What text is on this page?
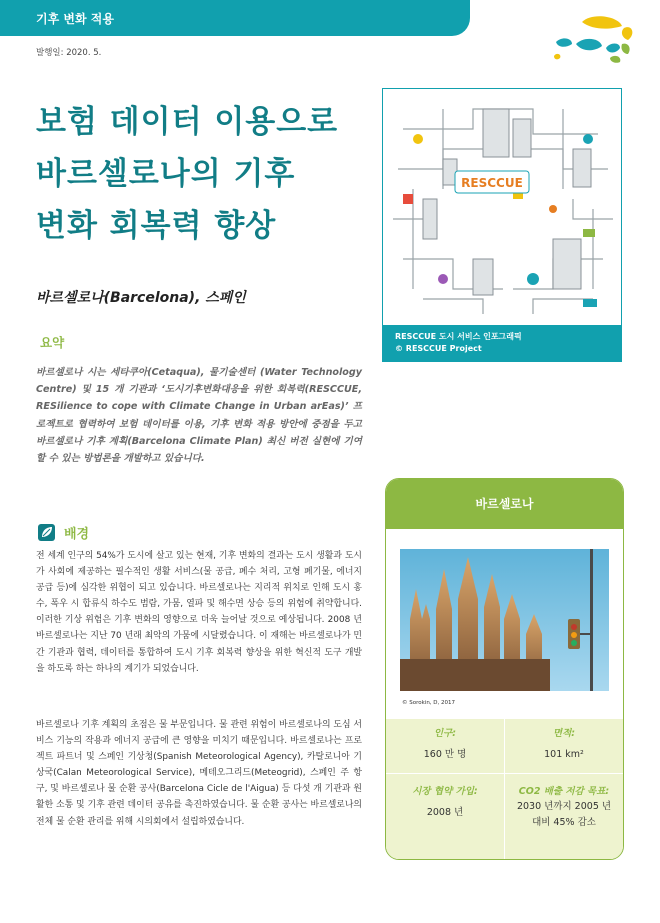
기후 변화 적용
발행일: 2020. 5.
보험 데이터 이용으로
바르셀로나의 기후
변화 회복력 향상
바르셀로나(Barcelona), 스페인
RESCCUE
RESCCUE 도시 서비스 인포그래픽
© RESCCUE Project
요약
바르셀로나 시는 세타쿠아(Cetaqua), 물기술센터 (Water Technology Centre) 및 15 개 기관과 ‘도시기후변화대응을 위한 회복력(RESCCUE, RESilience to cope with Climate Change in Urban arEas)’ 프로젝트로 협력하여 보험 데이터를 이용, 기후 변화 적용 방안에 중점을 두고 바르셀로나 기후 계획(Barcelona Climate Plan) 최신 버전 실현에 기여할 수 있는 방법론을 개발하고 있습니다.
배경
전 세계 인구의 54%가 도시에 살고 있는 현재, 기후 변화의 결과는 도시 생활과 도시가 사회에 제공하는 필수적인 생활 서비스(물 공급, 폐수 처리, 고형 폐기물, 에너지 공급 등)에 심각한 위협이 되고 있습니다. 바르셀로나는 지리적 위치로 인해 도시 홍수, 폭우 시 합류식 하수도 범람, 가뭄, 열파 및 해수면 상승 등의 위험에 취약합니다. 이러한 기상 위험은 기후 변화의 영향으로 더욱 늘어날 것으로 예상됩니다. 2008 년 바르셀로나는 지난 70 년래 최악의 가뭄에 시달렸습니다. 이 재해는 바르셀로나가 민간 기관과 협력, 데이터를 통합하여 도시 기후 회복력 향상을 위한 혁신적 도구 개발을 하도록 하는 하나의 계기가 되었습니다.
바르셀로나 기후 계획의 초점은 물 부문입니다. 물 관련 위험이 바르셀로나의 도심 서비스 기능의 작용과 에너지 공급에 큰 영향을 미치기 때문입니다. 바르셀로나는 프로젝트 파트너 및 스페인 기상청(Spanish Meteorological Agency), 카탈로니아 기상국(Calan Meteorological Service), 메테오그리드(Meteogrid), 스페인 주 항구, 및 바르셀로나 물 순환 공사(Barcelona Cicle de l'Aigua) 등 다섯 개 기관과 원활한 소통 및 기후 관련 데이터 공유를 촉진하였습니다. 물 순환 공사는 바르셀로나의 전체 물 순환 관리를 위해 시의회에서 설립하였습니다.
바르셀로나
© Sorokin, D, 2017
인구:
160 만 명
면적:
101 km²
시장 협약 가입:
2008 년
CO2 배출 저감 목표:
2030 년까지 2005 년
대비 45% 감소
